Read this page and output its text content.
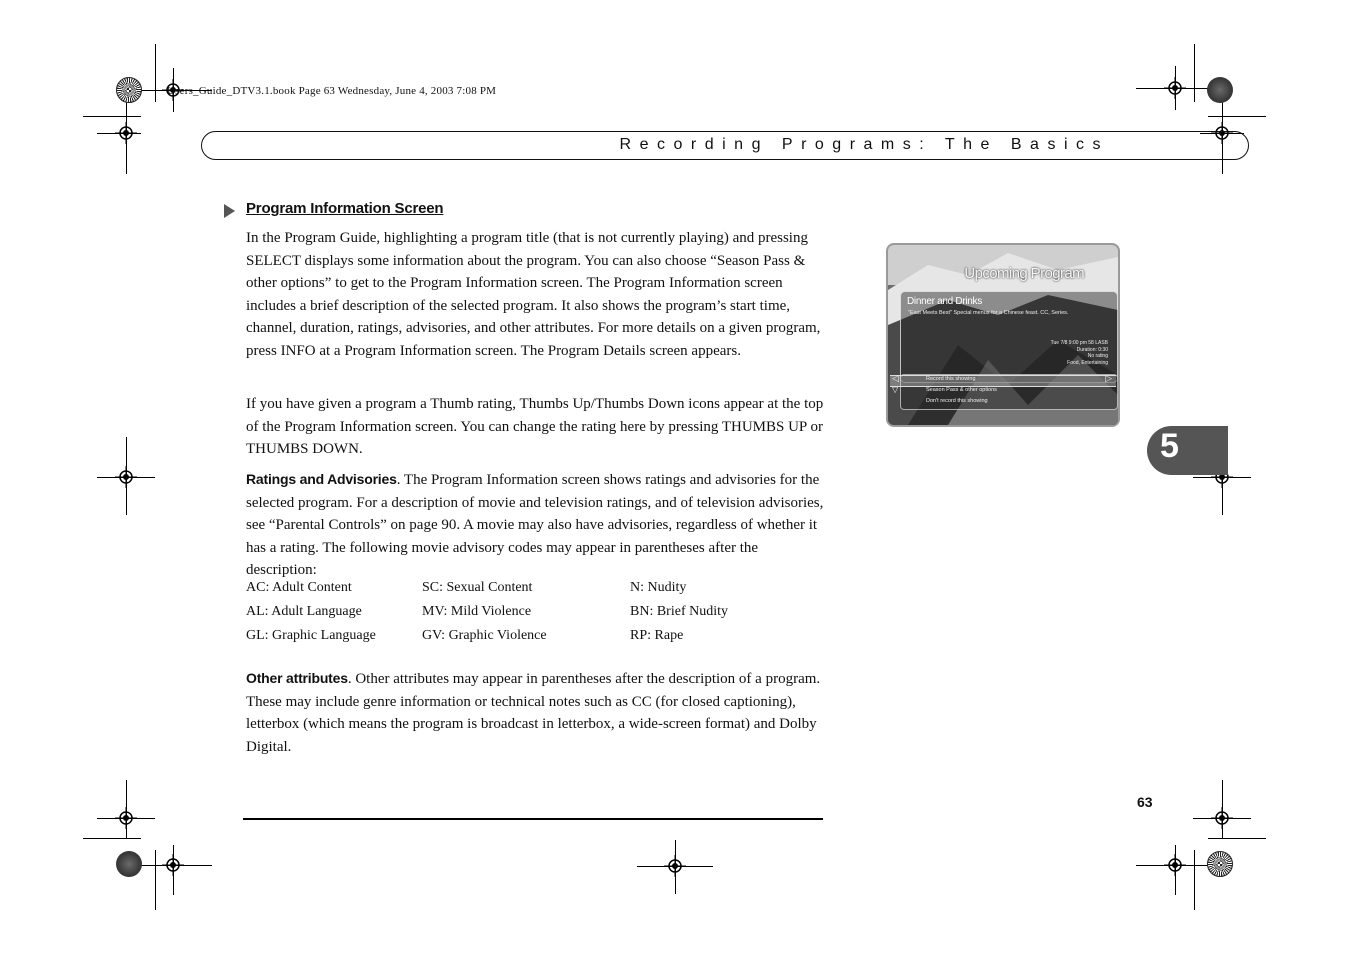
Users_Guide_DTV3.1.book Page 63 Wednesday, June 4, 2003 7:08 PM
Recording Programs: The Basics
Program Information Screen

In the Program Guide, highlighting a program title (that is not currently playing) and pressing SELECT displays some information about the program. You can also choose “Season Pass & other options” to get to the Program Information screen. The Program Information screen includes a brief description of the selected program. It also shows the program’s start time, channel, duration, ratings, advisories, and other attributes. For more details on a given program, press INFO at a Program Information screen. The Program Details screen appears.

If you have given a program a Thumb rating, Thumbs Up/Thumbs Down icons appear at the top of the Program Information screen. You can change the rating here by pressing THUMBS UP or THUMBS DOWN.

Ratings and Advisories. The Program Information screen shows ratings and advisories for the selected program. For a description of movie and television ratings, and of television advisories, see “Parental Controls” on page 90. A movie may also have advisories, regardless of whether it has a rating. The following movie advisory codes may appear in parentheses after the description:

AC: Adult Content	SC: Sexual Content	N: Nudity
AL: Adult Language	MV: Mild Violence	BN: Brief Nudity
GL: Graphic Language	GV: Graphic Violence	RP: Rape

Other attributes. Other attributes may appear in parentheses after the description of a program. These may include genre information or technical notes such as CC (for closed captioning), letterbox (which means the program is broadcast in letterbox, a wide-screen format) and Dolby Digital.

Upcoming Program
Dinner and Drinks
"East Meets Best" Special menus for a Chinese feast. CC, Series.
Tue 7/8 9:00 pm 58 LASB
Duration: 0:30
No rating
Food, Entertaining
◁	▷
▽
Record this showing
Season Pass & other options
Don't record this showing
5
63
